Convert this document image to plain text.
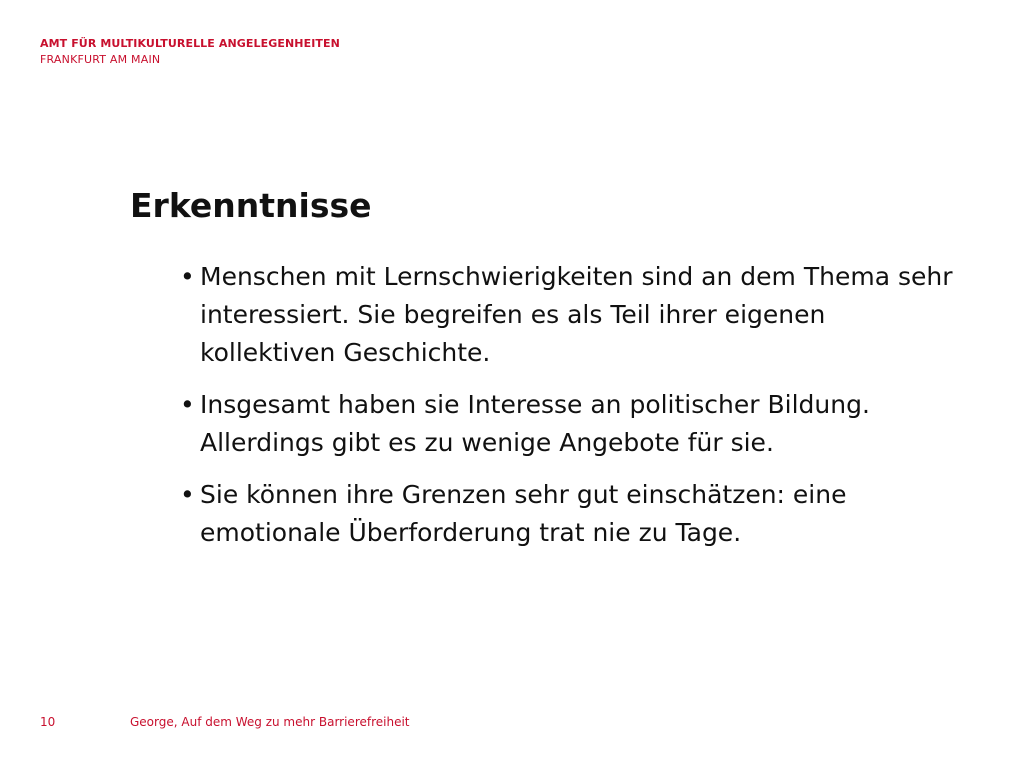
AMT FÜR MULTIKULTURELLE ANGELEGENHEITEN
FRANKFURT AM MAIN
Erkenntnisse
• Menschen mit Lernschwierigkeiten sind an dem Thema sehr interessiert. Sie begreifen es als Teil ihrer eigenen kollektiven Geschichte.
• Insgesamt haben sie Interesse an politischer Bildung. Allerdings gibt es zu wenige Angebote für sie.
• Sie können ihre Grenzen sehr gut einschätzen: eine emotionale Überforderung trat nie zu Tage.
10	George, Auf dem Weg zu mehr Barrierefreiheit
